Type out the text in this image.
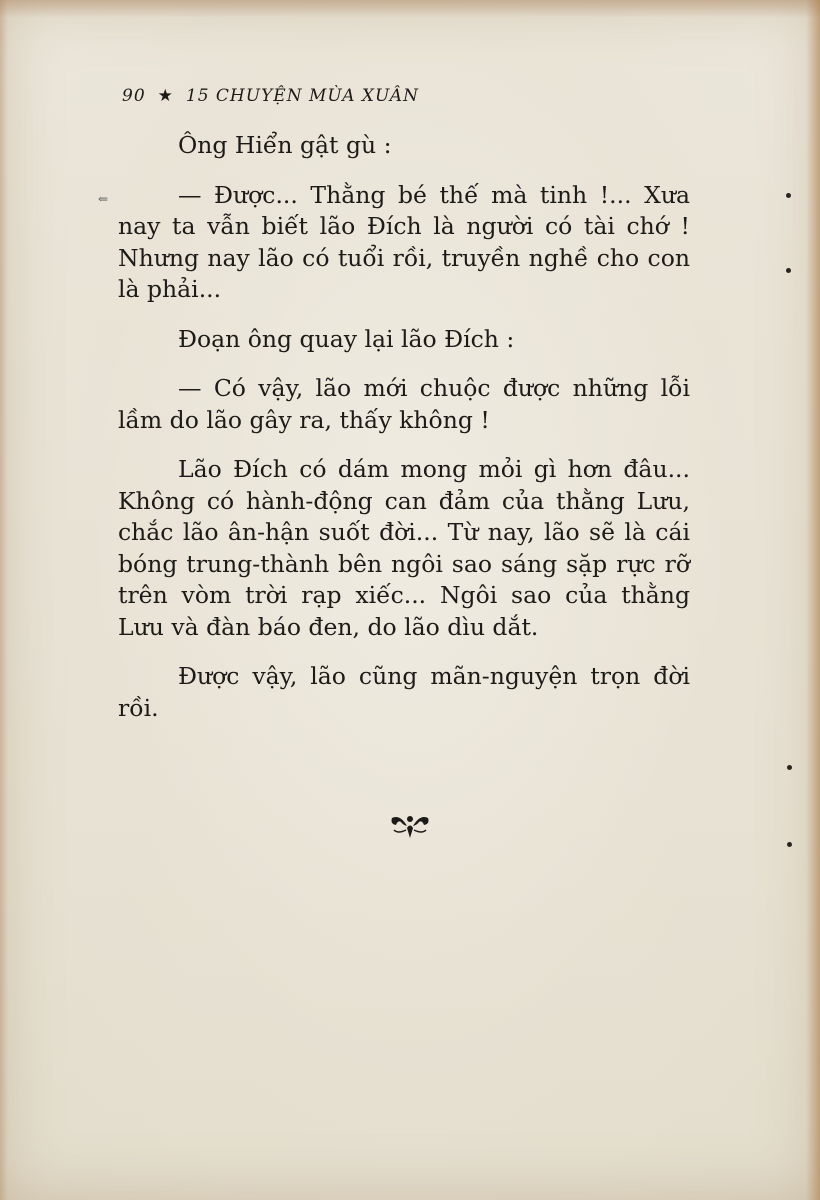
90 ★ 15 CHUYỆN MÙA XUÂN
⇐

Ông Hiển gật gù :

— Được... Thằng bé thế mà tinh !... Xưa nay ta vẫn biết lão Đích là người có tài chớ ! Nhưng nay lão có tuổi rồi, truyền nghề cho con là phải...

Đoạn ông quay lại lão Đích :

— Có vậy, lão mới chuộc được những lỗi lầm do lão gây ra, thấy không !

Lão Đích có dám mong mỏi gì hơn đâu... Không có hành-động can đảm của thằng Lưu, chắc lão ân-hận suốt đời... Từ nay, lão sẽ là cái bóng trung-thành bên ngôi sao sáng sặp rực rỡ trên vòm trời rạp xiếc... Ngôi sao của thằng Lưu và đàn báo đen, do lão dìu dắt.

Được vậy, lão cũng mãn-nguyện trọn đời rồi.
